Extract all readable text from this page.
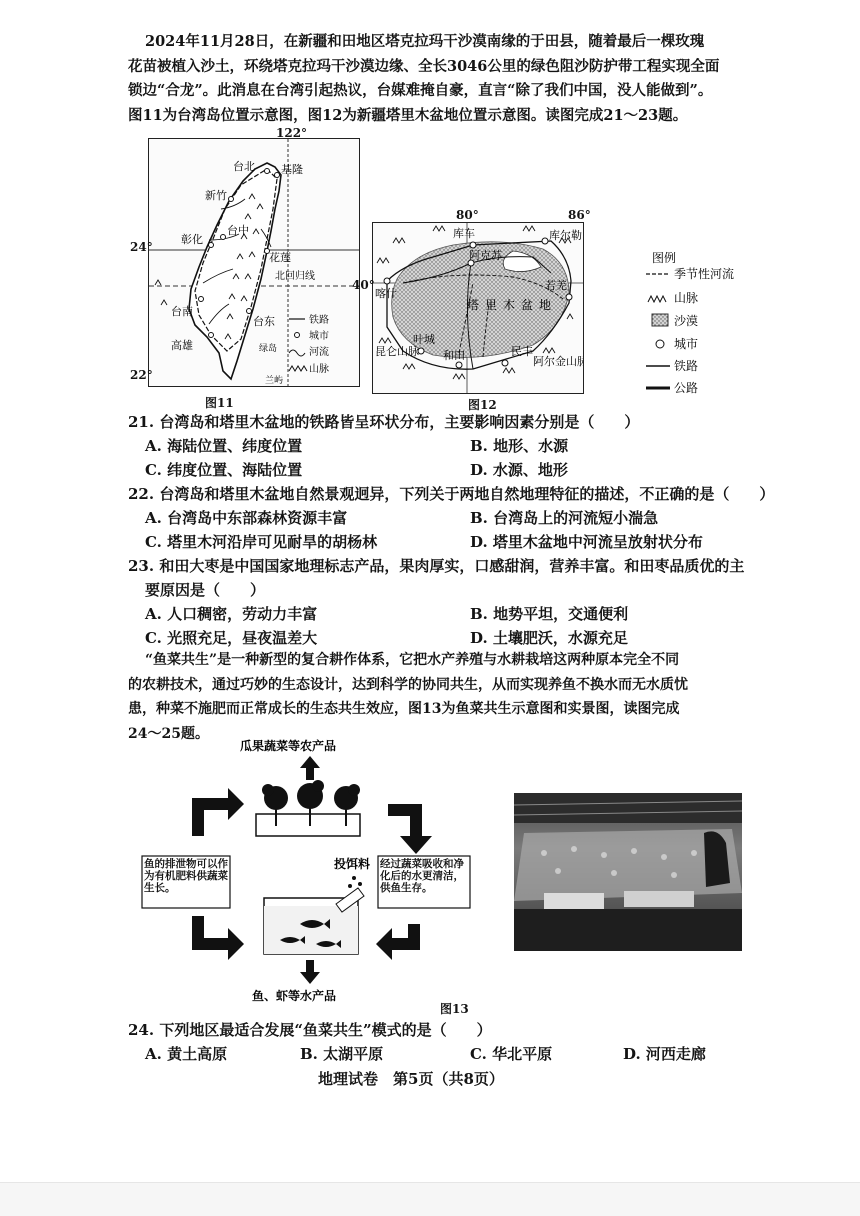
2024年11月28日，在新疆和田地区塔克拉玛干沙漠南缘的于田县，随着最后一棵玫瑰
花苗被植入沙土，环绕塔克拉玛干沙漠边缘、全长3046公里的绿色阻沙防护带工程实现全面
锁边“合龙”。此消息在台湾引起热议，台媒难掩自豪，直言“除了我们中国，没人能做到”。
图11为台湾岛位置示意图，图12为新疆塔里木盆地位置示意图。读图完成21～23题。
台北 基隆
新竹
台中
彰化
花莲
台南
高雄
台东
兰屿
绿岛
北回归线
铁路
城市
河流
山脉
122°
24°
22°
图11
库车	库尔勒
阿克苏
喀什
塔里木盆地
若羌
叶城
和田	民丰
昆仑山脉
阿尔金山脉
80°	86°
40°
图12
图例
季节性河流
山脉
沙漠
城市
铁路
公路
21. 台湾岛和塔里木盆地的铁路皆呈环状分布，主要影响因素分别是（　　）
A. 海陆位置、纬度位置	B. 地形、水源
C. 纬度位置、海陆位置	D. 水源、地形
22. 台湾岛和塔里木盆地自然景观迥异，下列关于两地自然地理特征的描述，不正确的是（　　）
A. 台湾岛中东部森林资源丰富	B. 台湾岛上的河流短小湍急
C. 塔里木河沿岸可见耐旱的胡杨林	D. 塔里木盆地中河流呈放射状分布
23. 和田大枣是中国国家地理标志产品，果肉厚实，口感甜润，营养丰富。和田枣品质优的主
要原因是（　　）
A. 人口稠密，劳动力丰富	B. 地势平坦，交通便利
C. 光照充足，昼夜温差大	D. 土壤肥沃，水源充足
“鱼菜共生”是一种新型的复合耕作体系，它把水产养殖与水耕栽培这两种原本完全不同
的农耕技术，通过巧妙的生态设计，达到科学的协同共生，从而实现养鱼不换水而无水质忧
患，种菜不施肥而正常成长的生态共生效应，图13为鱼菜共生示意图和实景图，读图完成
24～25题。
瓜果蔬菜等农产品
鱼的排泄物可以作为有机肥料供蔬菜生长。
经过蔬菜吸收和净化后的水更清洁，供鱼生存。
投饵料
鱼、虾等水产品
图13
24. 下列地区最适合发展“鱼菜共生”模式的是（　　）
A. 黄土高原	B. 太湖平原	C. 华北平原	D. 河西走廊
地理试卷　第5页（共8页）
